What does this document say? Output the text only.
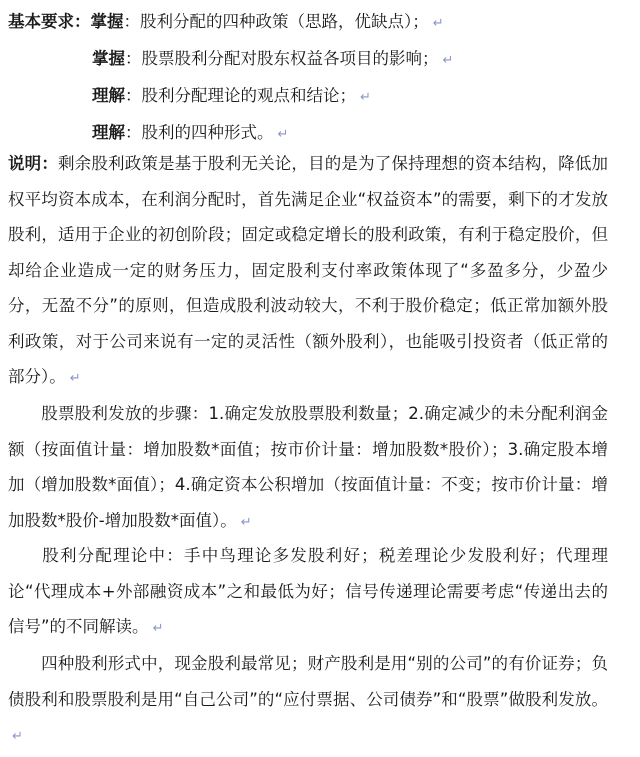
基本要求：掌握：股利分配的四种政策（思路，优缺点）； ↵
掌握：股票股利分配对股东权益各项目的影响； ↵
理解：股利分配理论的观点和结论； ↵
理解：股利的四种形式。 ↵
说明：剩余股利政策是基于股利无关论，目的是为了保持理想的资本结构，降低加权平均资本成本，在利润分配时，首先满足企业“权益资本”的需要，剩下的才发放股利，适用于企业的初创阶段；固定或稳定增长的股利政策，有利于稳定股价，但却给企业造成一定的财务压力，固定股利支付率政策体现了“多盈多分，少盈少分，无盈不分”的原则，但造成股利波动较大，不利于股价稳定；低正常加额外股利政策，对于公司来说有一定的灵活性（额外股利），也能吸引投资者（低正常的部分）。 ↵
股票股利发放的步骤：1.确定发放股票股利数量；2.确定减少的未分配利润金额（按面值计量：增加股数*面值；按市价计量：增加股数*股价）；3.确定股本增加（增加股数*面值）；4.确定资本公积增加（按面值计量：不变；按市价计量：增加股数*股价-增加股数*面值）。 ↵
股利分配理论中：手中鸟理论多发股利好；税差理论少发股利好；代理理论“代理成本+外部融资成本”之和最低为好；信号传递理论需要考虑“传递出去的信号”的不同解读。 ↵
四种股利形式中，现金股利最常见；财产股利是用“别的公司”的有价证券；负债股利和股票股利是用“自己公司”的“应付票据、公司债券”和“股票”做股利发放。↵
